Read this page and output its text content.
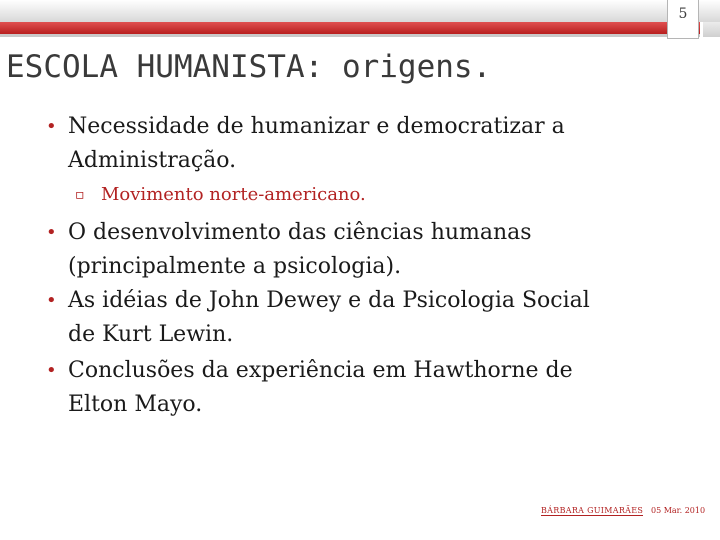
5
ESCOLA HUMANISTA: origens.
• Necessidade de humanizar e democratizar a
Administração.
▫ Movimento norte-americano.
• O desenvolvimento das ciências humanas
(principalmente a psicologia).
• As idéias de John Dewey e da Psicologia Social
de Kurt Lewin.
• Conclusões da experiência em Hawthorne de
Elton Mayo.
BÁRBARA GUIMARÃES 05 Mar. 2010
